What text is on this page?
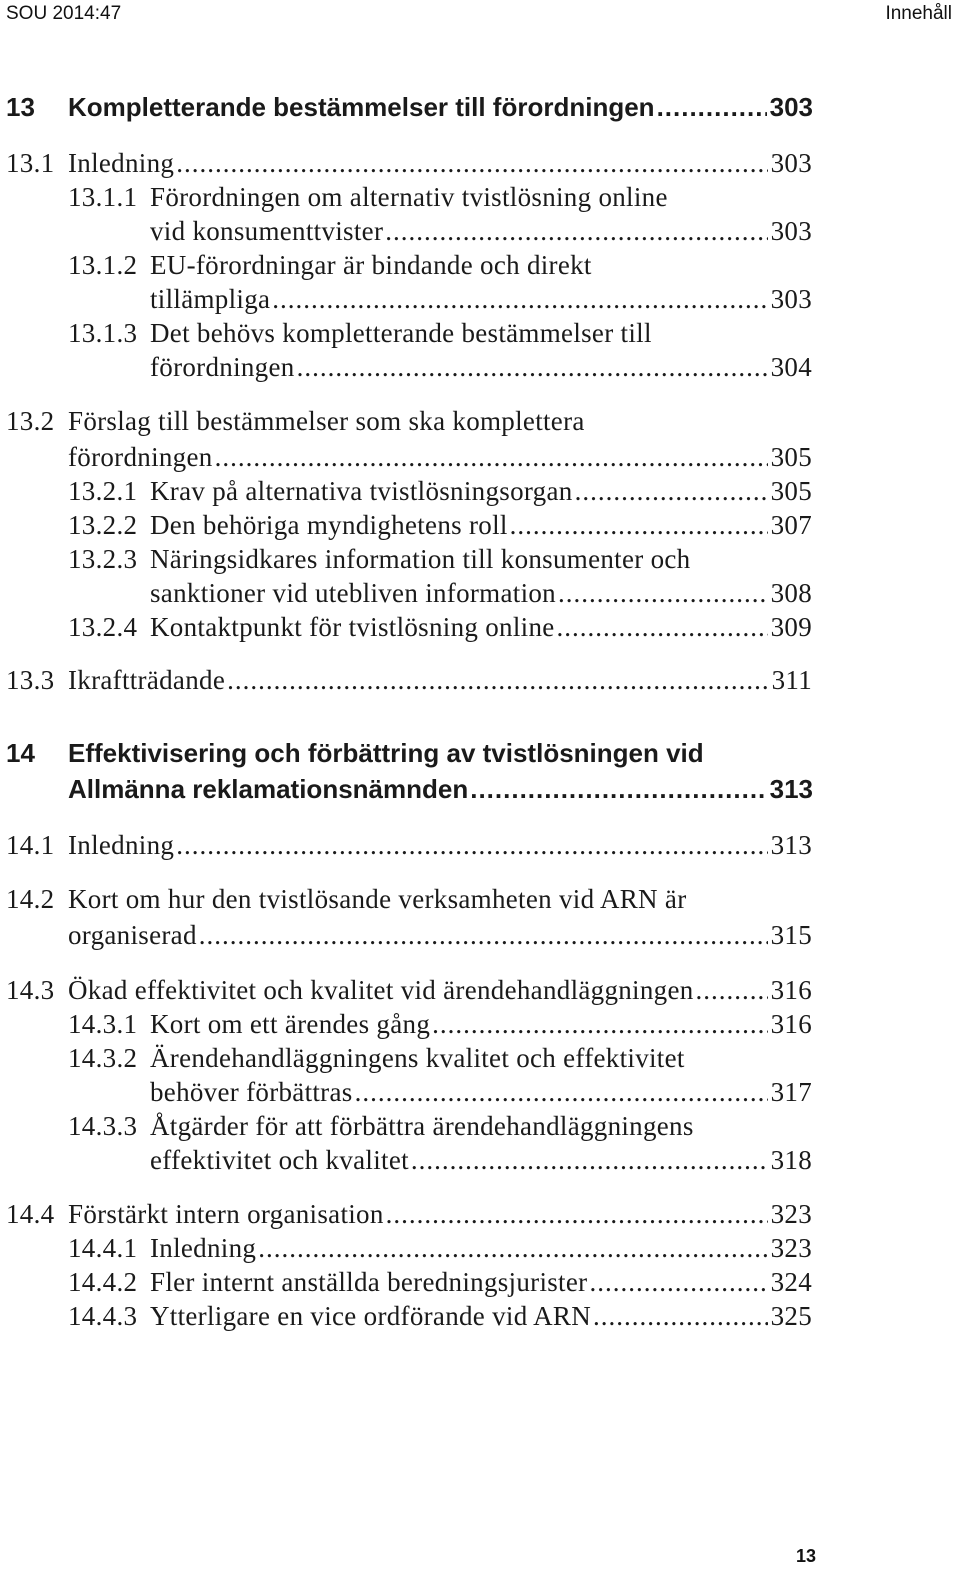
SOU 2014:47	Innehåll
13 Kompletterande bestämmelser till förordningen .....	303
13.1 Inledning .....	303
13.1.1 Förordningen om alternativ tvistlösning online
vid konsumenttvister .....	303
13.1.2 EU-förordningar är bindande och direkt
tillämpliga .....	303
13.1.3 Det behövs kompletterande bestämmelser till
förordningen .....	304
13.2 Förslag till bestämmelser som ska komplettera
förordningen .....	305
13.2.1 Krav på alternativa tvistlösningsorgan .....	305
13.2.2 Den behöriga myndighetens roll .....	307
13.2.3 Näringsidkares information till konsumenter och
sanktioner vid utebliven information .....	308
13.2.4 Kontaktpunkt för tvistlösning online .....	309
13.3 Ikraftträdande .....	311
14 Effektivisering och förbättring av tvistlösningen vid
Allmänna reklamationsnämnden .....	313
14.1 Inledning .....	313
14.2 Kort om hur den tvistlösande verksamheten vid ARN är
organiserad .....	315
14.3 Ökad effektivitet och kvalitet vid ärendehandläggningen .....	316
14.3.1 Kort om ett ärendes gång .....	316
14.3.2 Ärendehandläggningens kvalitet och effektivitet
behöver förbättras .....	317
14.3.3 Åtgärder för att förbättra ärendehandläggningens
effektivitet och kvalitet .....	318
14.4 Förstärkt intern organisation .....	323
14.4.1 Inledning .....	323
14.4.2 Fler internt anställda beredningsjurister .....	324
14.4.3 Ytterligare en vice ordförande vid ARN .....	325
13
